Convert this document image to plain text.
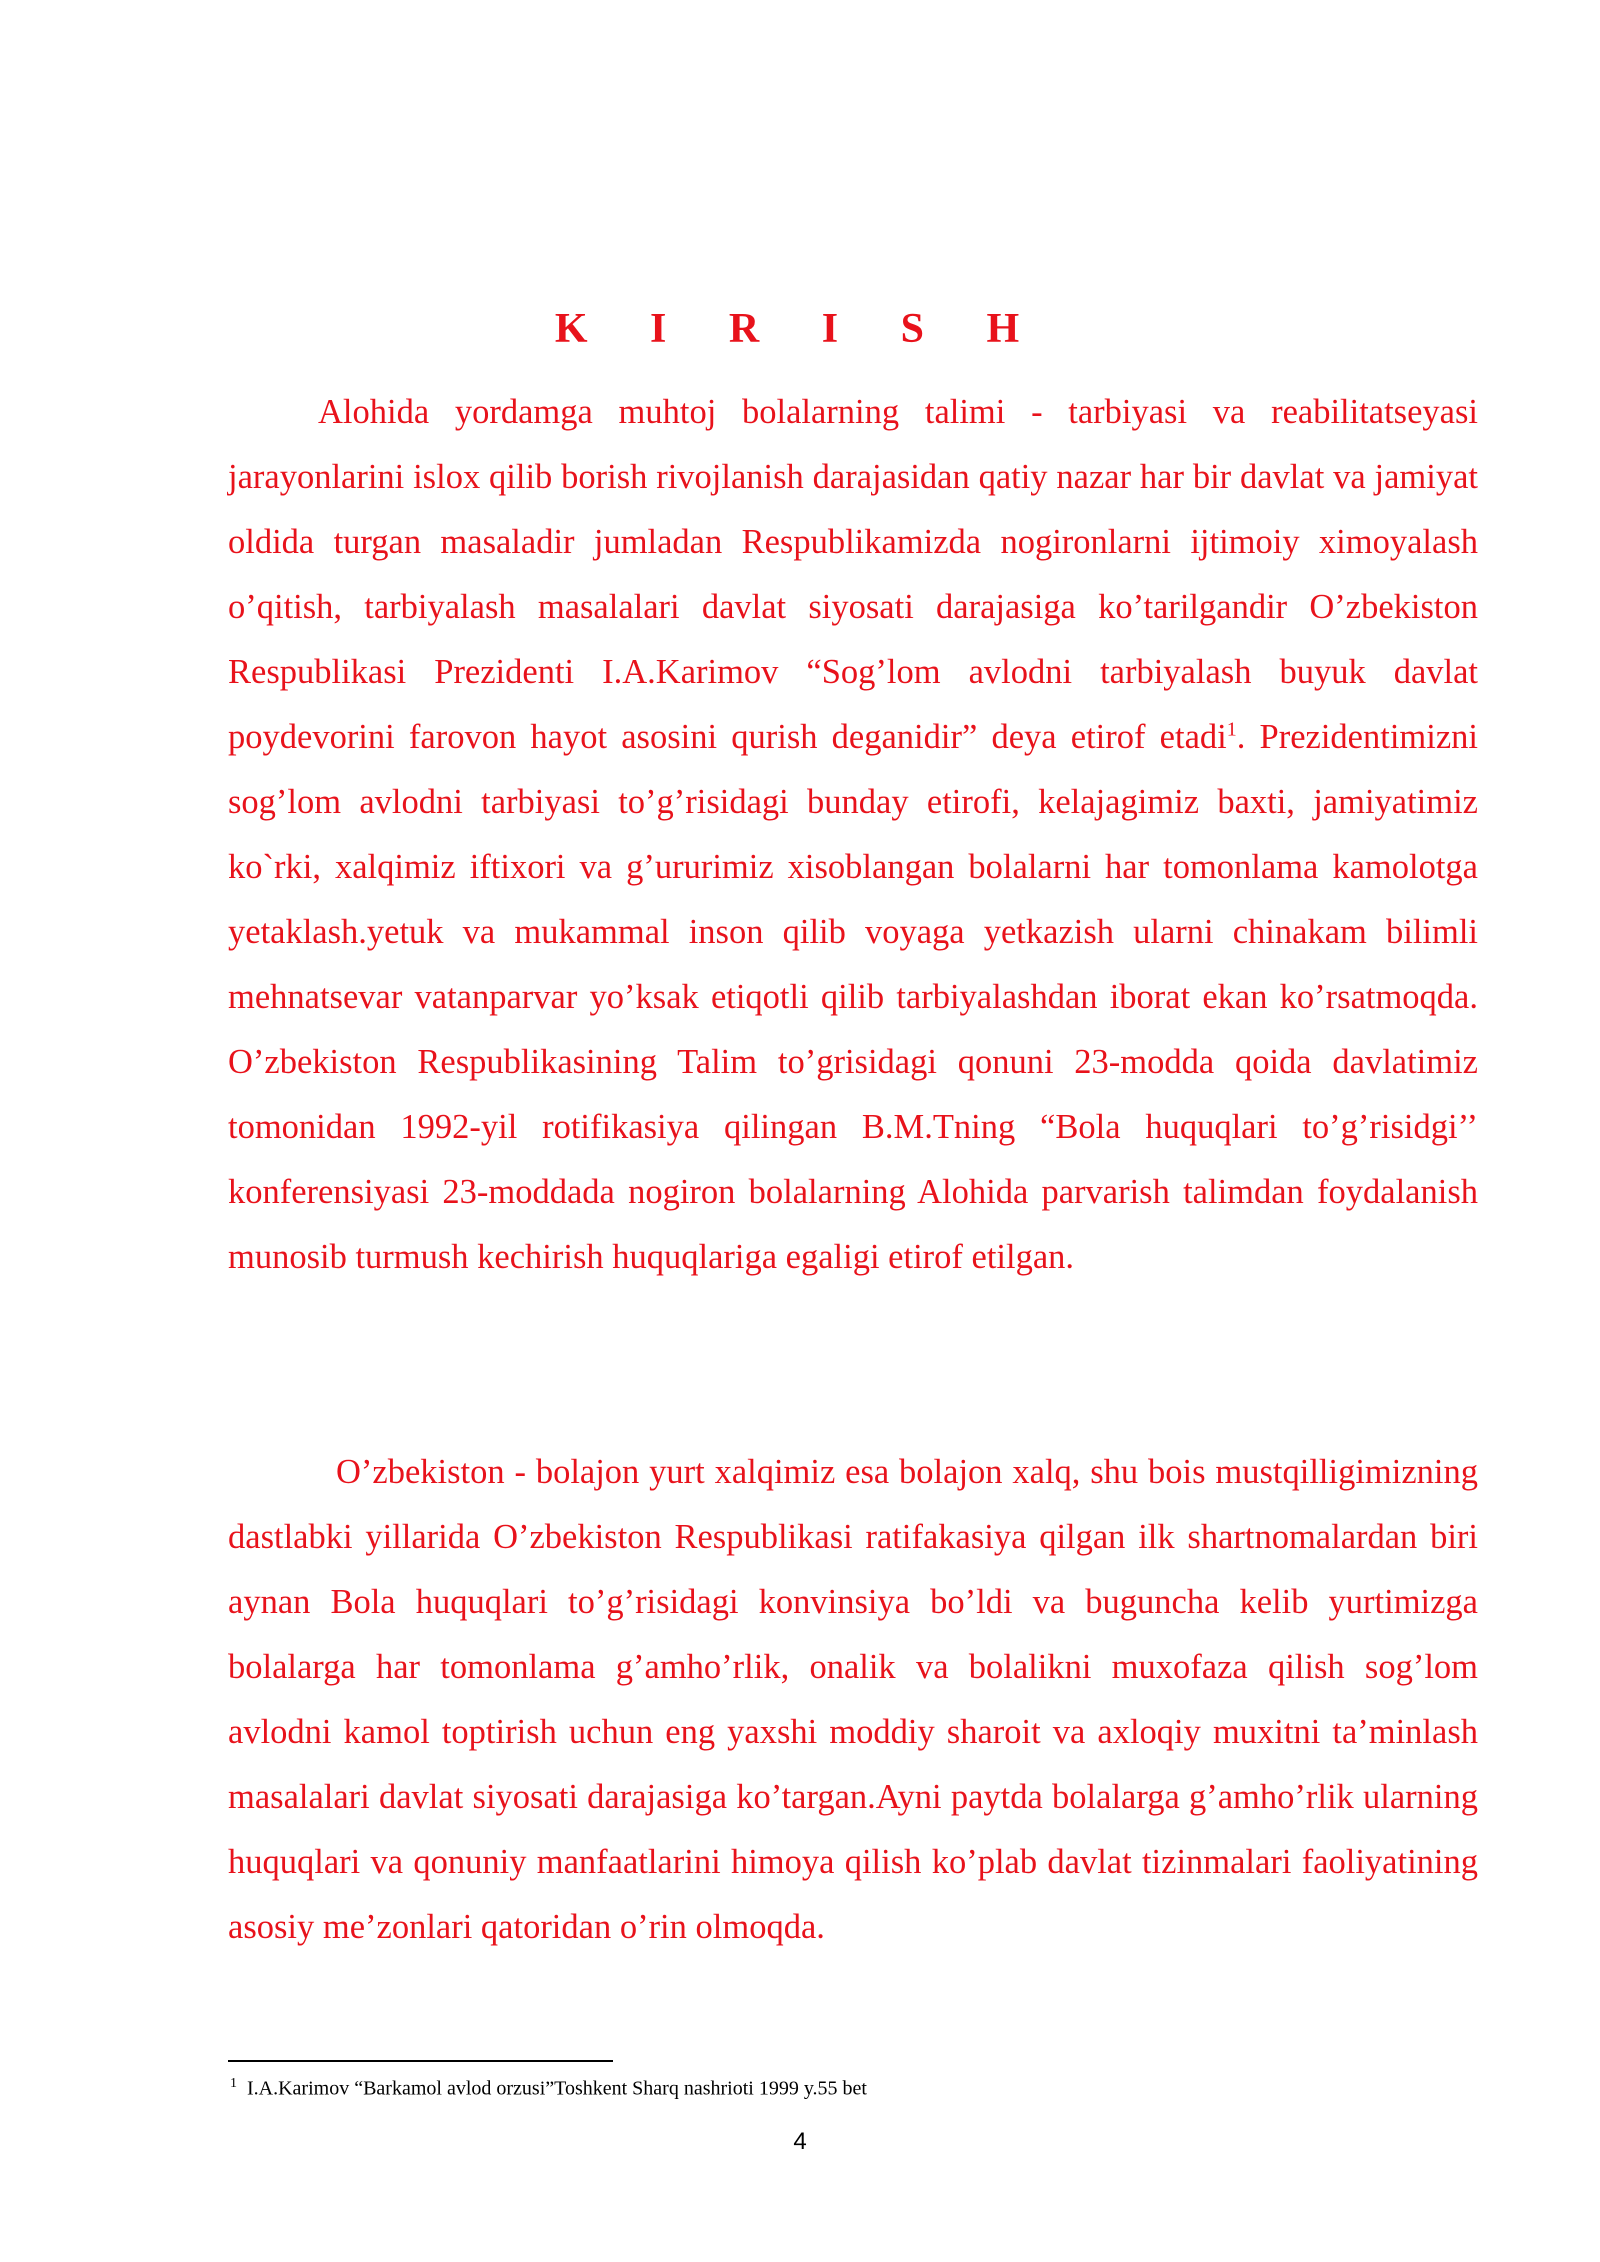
K I R I S H

Alohida yordamga muhtoj bolalarning talimi - tarbiyasi va reabilitatseyasi jarayonlarini islox qilib borish rivojlanish darajasidan qatiy nazar har bir davlat va jamiyat oldida turgan masaladir jumladan Respublikamizda nogironlarni ijtimoiy ximoyalash o’qitish, tarbiyalash masalalari davlat siyosati darajasiga ko’tarilgandir O’zbekiston Respublikasi Prezidenti I.A.Karimov “Sog’lom avlodni tarbiyalash buyuk davlat poydevorini farovon hayot asosini qurish deganidir” deya etirof etadi$^1$. Prezidentimizni sog’lom avlodni tarbiyasi to’g’risidagi bunday etirofi, kelajagimiz baxti, jamiyatimiz ko`rki, xalqimiz iftixori va g’ururimiz xisoblangan bolalarni har tomonlama kamolotga yetaklash.yetuk va mukammal inson qilib voyaga yetkazish ularni chinakam bilimli mehnatsevar vatanparvar yo’ksak etiqotli qilib tarbiyalashdan iborat ekan ko’rsatmoqda. O’zbekiston Respublikasining Talim to’grisidagi qonuni 23-modda qoida davlatimiz tomonidan 1992-yil rotifikasiya qilingan B.M.Tning “Bola huquqlari to’g’risidgi’’ konferensiyasi 23-moddada nogiron bolalarning Alohida parvarish talimdan foydalanish munosib turmush kechirish huquqlariga egaligi etirof etilgan.

O’zbekiston - bolajon yurt xalqimiz esa bolajon xalq, shu bois mustqilligimizning dastlabki yillarida O’zbekiston Respublikasi ratifakasiya qilgan ilk shartnomalardan biri aynan Bola huquqlari to’g’risidagi konvinsiya bo’ldi va buguncha kelib yurtimizga bolalarga har tomonlama g’amho’rlik, onalik va bolalikni muxofaza qilish sog’lom avlodni kamol toptirish uchun eng yaxshi moddiy sharoit va axloqiy muxitni ta’minlash masalalari davlat siyosati darajasiga ko’targan.Ayni paytda bolalarga g’amho’rlik ularning huquqlari va qonuniy manfaatlarini himoya qilish ko’plab davlat tizinmalari faoliyatining asosiy me’zonlari qatoridan o’rin olmoqda.

$^1$ I.A.Karimov “Barkamol avlod orzusi”Toshkent Sharq nashrioti 1999 y.55 bet
4
